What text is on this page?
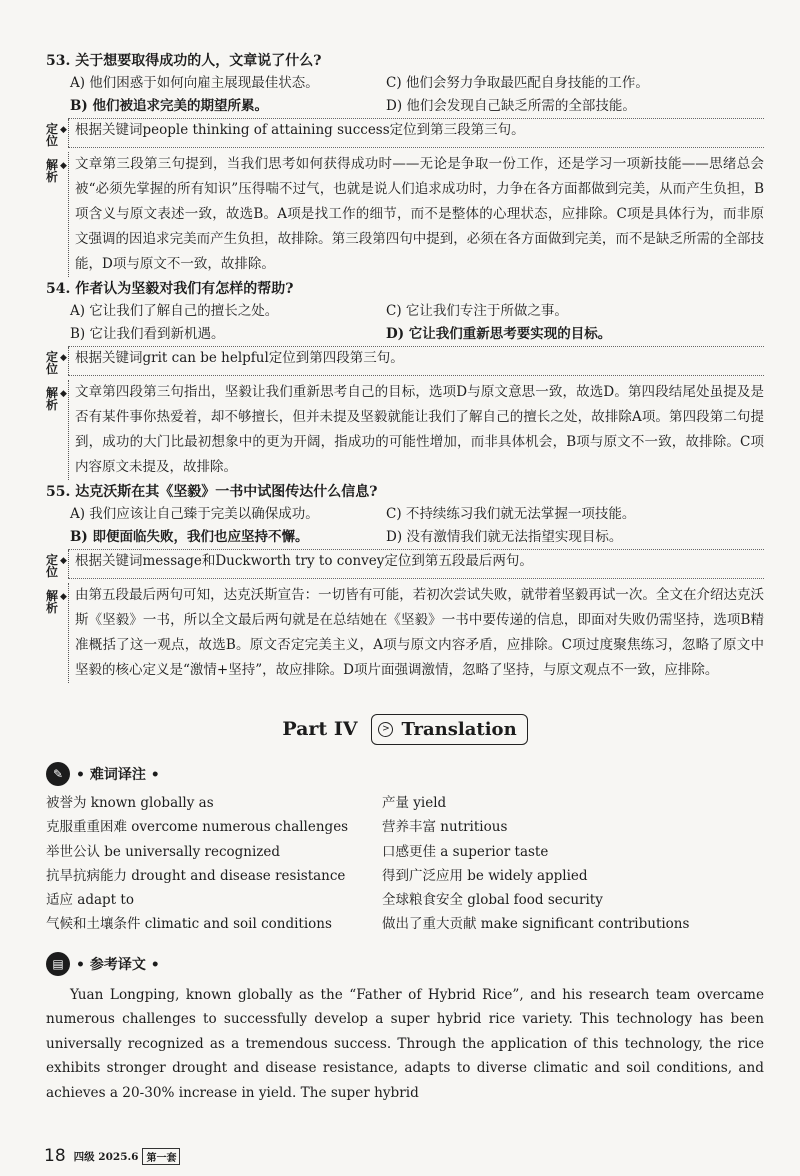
53. 关于想要取得成功的人，文章说了什么?
A) 他们困惑于如何向雇主展现最佳状态。	C) 他们会努力争取最匹配自身技能的工作。
B) 他们被追求完美的期望所累。	D) 他们会发现自己缺乏所需的全部技能。
定
位
◆ 根据关键词people thinking of attaining success定位到第三段第三句。
解
析
◆ 文章第三段第三句提到，当我们思考如何获得成功时——无论是争取一份工作，还是学习一项新技能——思绪总会被“必须先掌握的所有知识”压得喘不过气，也就是说人们追求成功时，力争在各方面都做到完美，从而产生负担，B项含义与原文表述一致，故选B。A项是找工作的细节，而不是整体的心理状态，应排除。C项是具体行为，而非原文强调的因追求完美而产生负担，故排除。第三段第四句中提到，必须在各方面做到完美，而不是缺乏所需的全部技能，D项与原文不一致，故排除。
54. 作者认为坚毅对我们有怎样的帮助?
A) 它让我们了解自己的擅长之处。	C) 它让我们专注于所做之事。
B) 它让我们看到新机遇。	D) 它让我们重新思考要实现的目标。
定
位
◆ 根据关键词grit can be helpful定位到第四段第三句。
解
析
◆ 文章第四段第三句指出，坚毅让我们重新思考自己的目标，选项D与原文意思一致，故选D。第四段结尾处虽提及是否有某件事你热爱着，却不够擅长，但并未提及坚毅就能让我们了解自己的擅长之处，故排除A项。第四段第二句提到，成功的大门比最初想象中的更为开阔，指成功的可能性增加，而非具体机会，B项与原文不一致，故排除。C项内容原文未提及，故排除。
55. 达克沃斯在其《坚毅》一书中试图传达什么信息?
A) 我们应该让自己臻于完美以确保成功。	C) 不持续练习我们就无法掌握一项技能。
B) 即便面临失败，我们也应坚持不懈。	D) 没有激情我们就无法指望实现目标。
定
位
◆ 根据关键词message和Duckworth try to convey定位到第五段最后两句。
解
析
◆ 由第五段最后两句可知，达克沃斯宣告：一切皆有可能，若初次尝试失败，就带着坚毅再试一次。全文在介绍达克沃斯《坚毅》一书，所以全文最后两句就是在总结她在《坚毅》一书中要传递的信息，即面对失败仍需坚持，选项B精准概括了这一观点，故选B。原文否定完美主义，A项与原文内容矛盾，应排除。C项过度聚焦练习，忽略了原文中坚毅的核心定义是“激情+坚持”，故应排除。D项片面强调激情，忽略了坚持，与原文观点不一致，应排除。
Part IV	> Translation
✎ • 难词译注 •
被誉为 known globally as	产量 yield
克服重重困难 overcome numerous challenges	营养丰富 nutritious
举世公认 be universally recognized	口感更佳 a superior taste
抗旱抗病能力 drought and disease resistance	得到广泛应用 be widely applied
适应 adapt to	全球粮食安全 global food security
气候和土壤条件 climatic and soil conditions	做出了重大贡献 make significant contributions
▤ • 参考译文 •
Yuan Longping, known globally as the “Father of Hybrid Rice”, and his research team overcame numerous challenges to successfully develop a super hybrid rice variety. This technology has been universally recognized as a tremendous success. Through the application of this technology, the rice exhibits stronger drought and disease resistance, adapts to diverse climatic and soil conditions, and achieves a 20-30% increase in yield. The super hybrid
18 四级 2025.6 第一套
